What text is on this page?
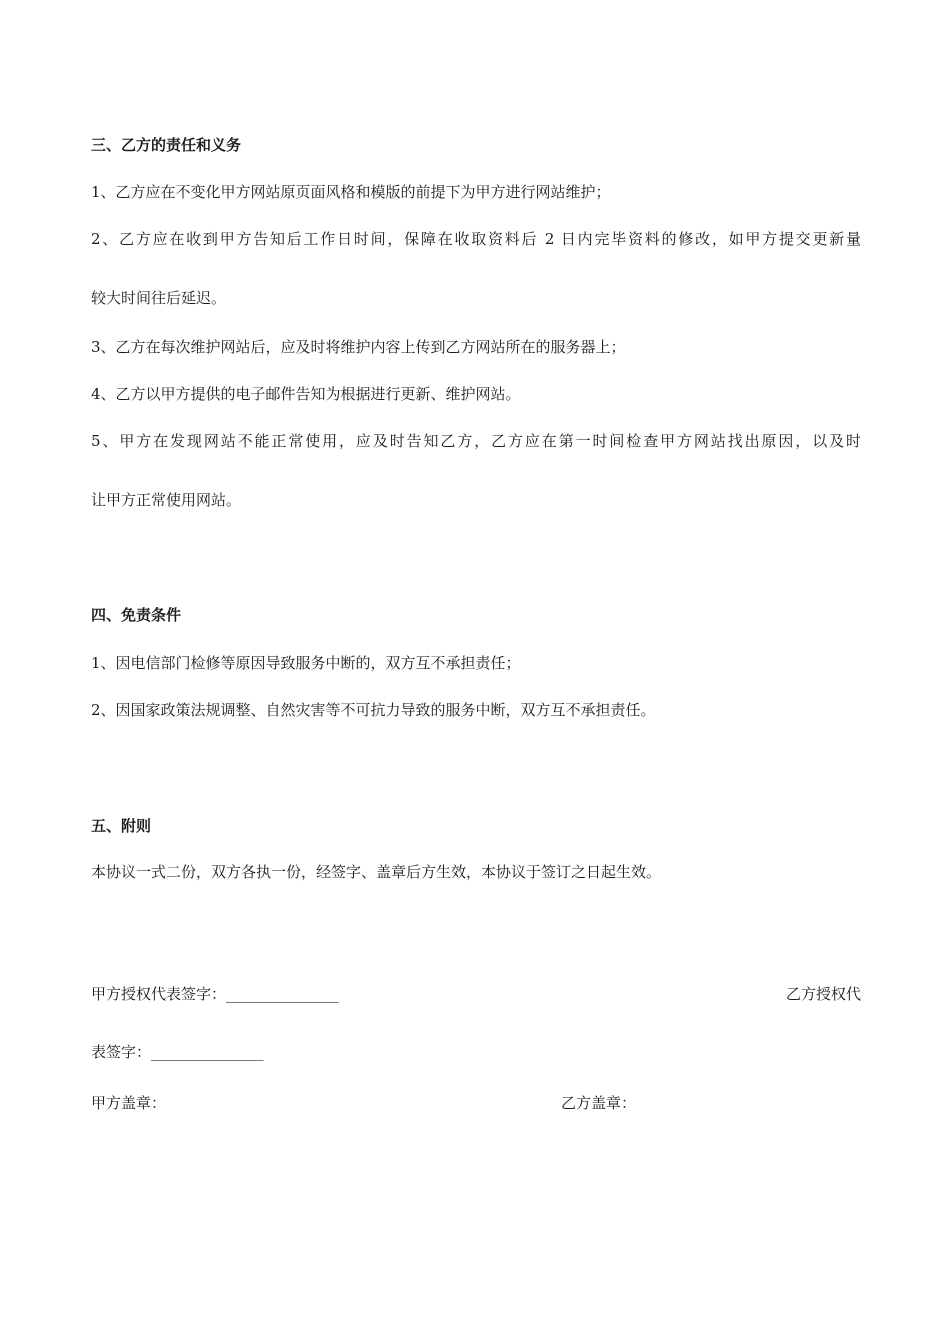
三、乙方的责任和义务

1、乙方应在不变化甲方网站原页面风格和模版的前提下为甲方进行网站维护；

2、乙方应在收到甲方告知后工作日时间，保障在收取资料后 2 日内完毕资料的修改，如甲方提交更新量

较大时间往后延迟。

3、乙方在每次维护网站后，应及时将维护内容上传到乙方网站所在的服务器上；

4、乙方以甲方提供的电子邮件告知为根据进行更新、维护网站。

5、甲方在发现网站不能正常使用，应及时告知乙方，乙方应在第一时间检查甲方网站找出原因，以及时

让甲方正常使用网站。

四、免责条件

1、因电信部门检修等原因导致服务中断的，双方互不承担责任；

2、因国家政策法规调整、自然灾害等不可抗力导致的服务中断，双方互不承担责任。

五、附则

本协议一式二份，双方各执一份，经签字、盖章后方生效，本协议于签订之日起生效。

甲方授权代表签字：_______________	乙方授权代

表签字：_______________

甲方盖章：	乙方盖章：
